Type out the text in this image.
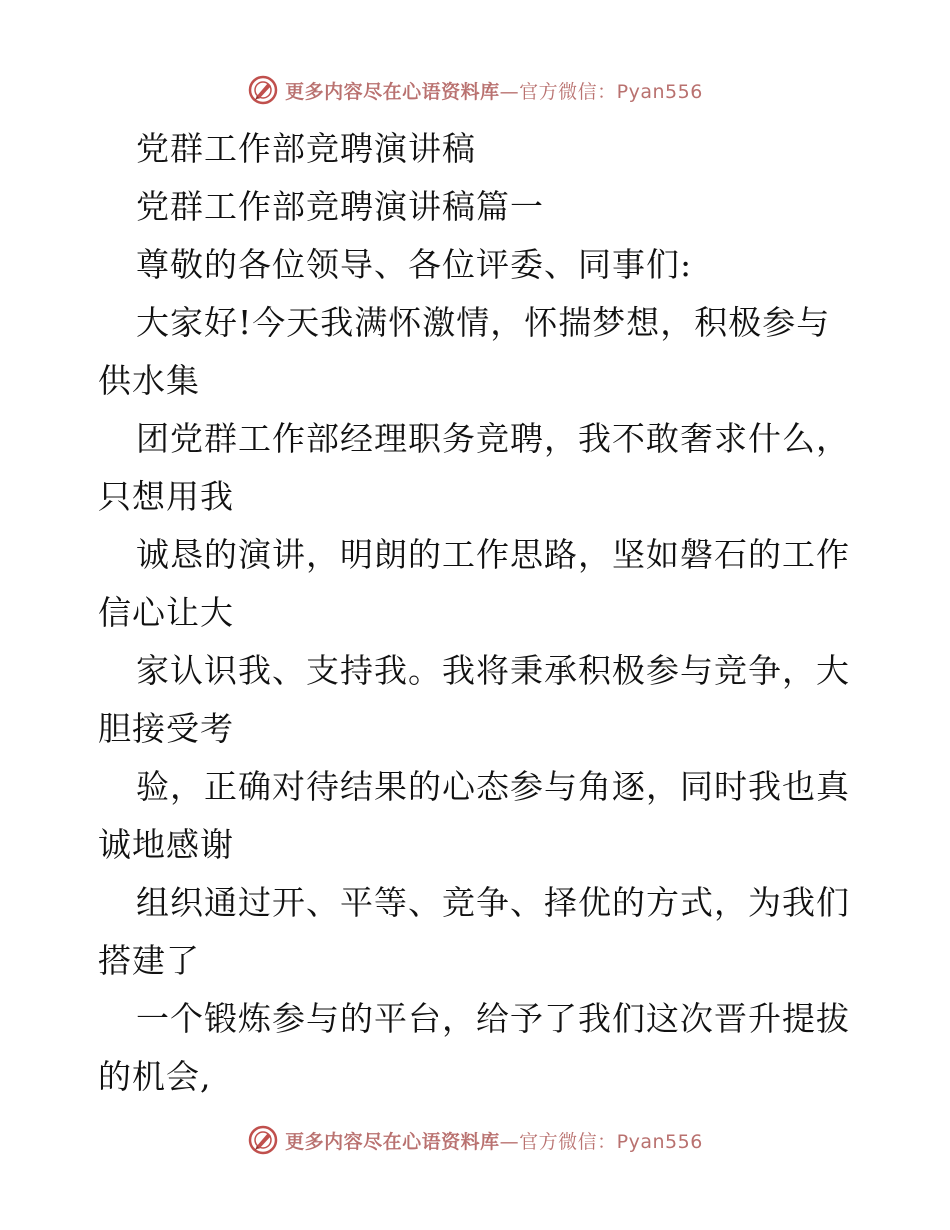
更多内容尽在心语资料库—官方微信：Pyan556
党群工作部竞聘演讲稿
党群工作部竞聘演讲稿篇一
尊敬的各位领导、各位评委、同事们:
大家好!今天我满怀激情，怀揣梦想，积极参与
供水集
团党群工作部经理职务竞聘，我不敢奢求什么，
只想用我
诚恳的演讲，明朗的工作思路，坚如磐石的工作
信心让大
家认识我、支持我。我将秉承积极参与竞争，大
胆接受考
验，正确对待结果的心态参与角逐，同时我也真
诚地感谢
组织通过开、平等、竞争、择优的方式，为我们
搭建了
一个锻炼参与的平台，给予了我们这次晋升提拔
的机会,
更多内容尽在心语资料库—官方微信：Pyan556
